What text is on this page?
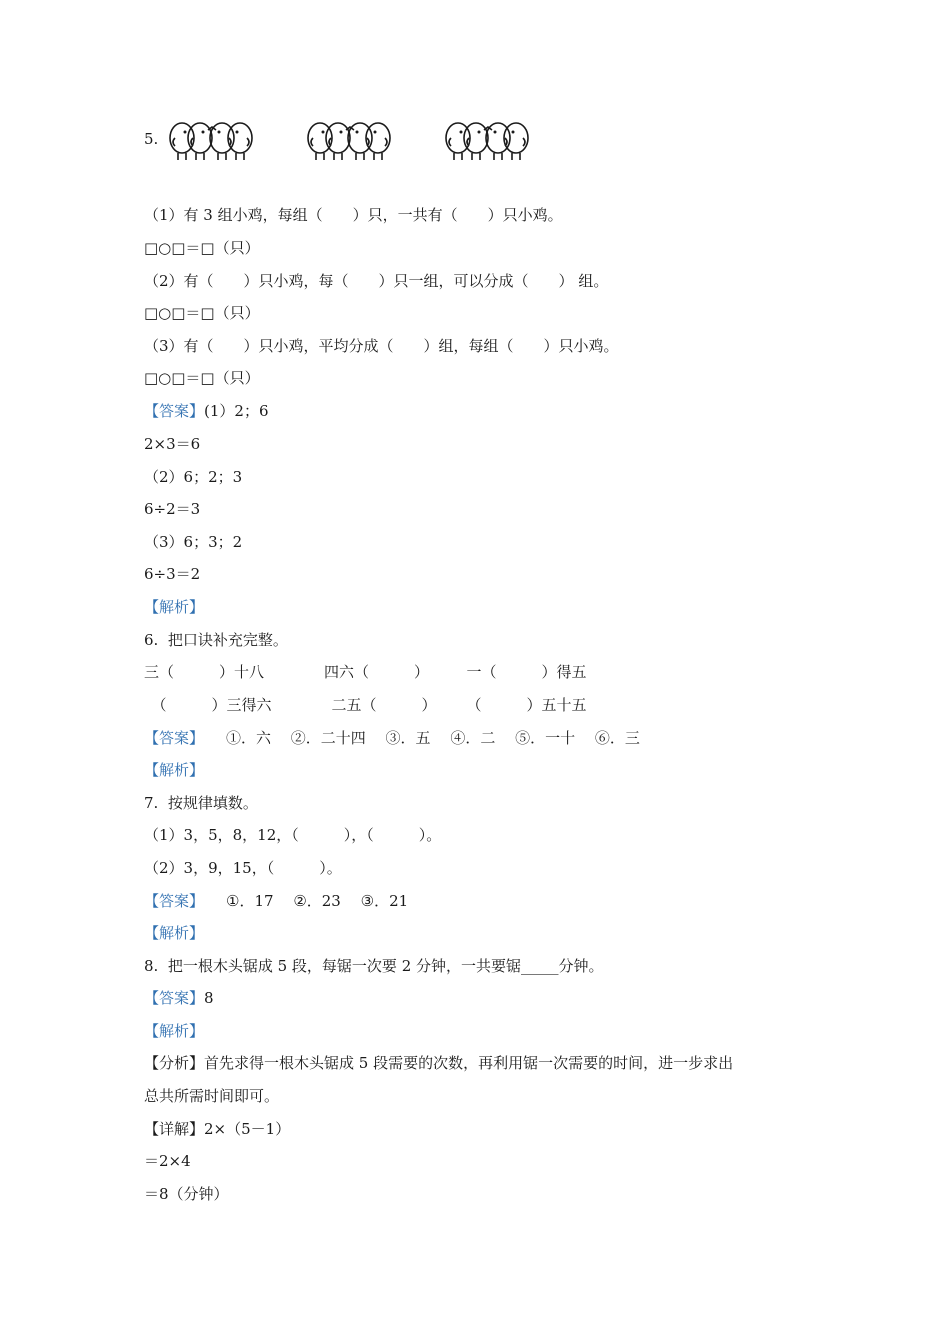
5.
（1）有 3 组小鸡，每组（　　）只，一共有（　　）只小鸡。
□○□＝□（只）
（2）有（　　）只小鸡，每（　　）只一组，可以分成（　　） 组。
□○□＝□（只）
（3）有（　　）只小鸡，平均分成（　　）组，每组（　　）只小鸡。
□○□＝□（只）
【答案】(1）2；6
2×3＝6
（2）6；2；3
6÷2＝3
（3）6；3；2
6÷3＝2
【解析】
6.  把口诀补充完整。
三（　　　）十八　　　　四六（　　　）　　　一（　　　）得五
　（　　　）三得六　　　　二五（　　　）　　　（　　　）五十五
【答案】 ①．六　 ②．二十四　 ③．五　 ④．二　 ⑤．一十　 ⑥．三
【解析】
7.  按规律填数。
（1）3，5，8，12，（　　　），（　　　）。
（2）3，9，15，（　　　）。
【答案】 ①．17　 ②．23　 ③．21
【解析】
8.  把一根木头锯成 5 段，每锯一次要 2 分钟，一共要锯_____分钟。
【答案】8
【解析】
【分析】首先求得一根木头锯成 5 段需要的次数，再利用锯一次需要的时间，进一步求出
总共所需时间即可。
【详解】2×（5－1）
＝2×4
＝8（分钟）
